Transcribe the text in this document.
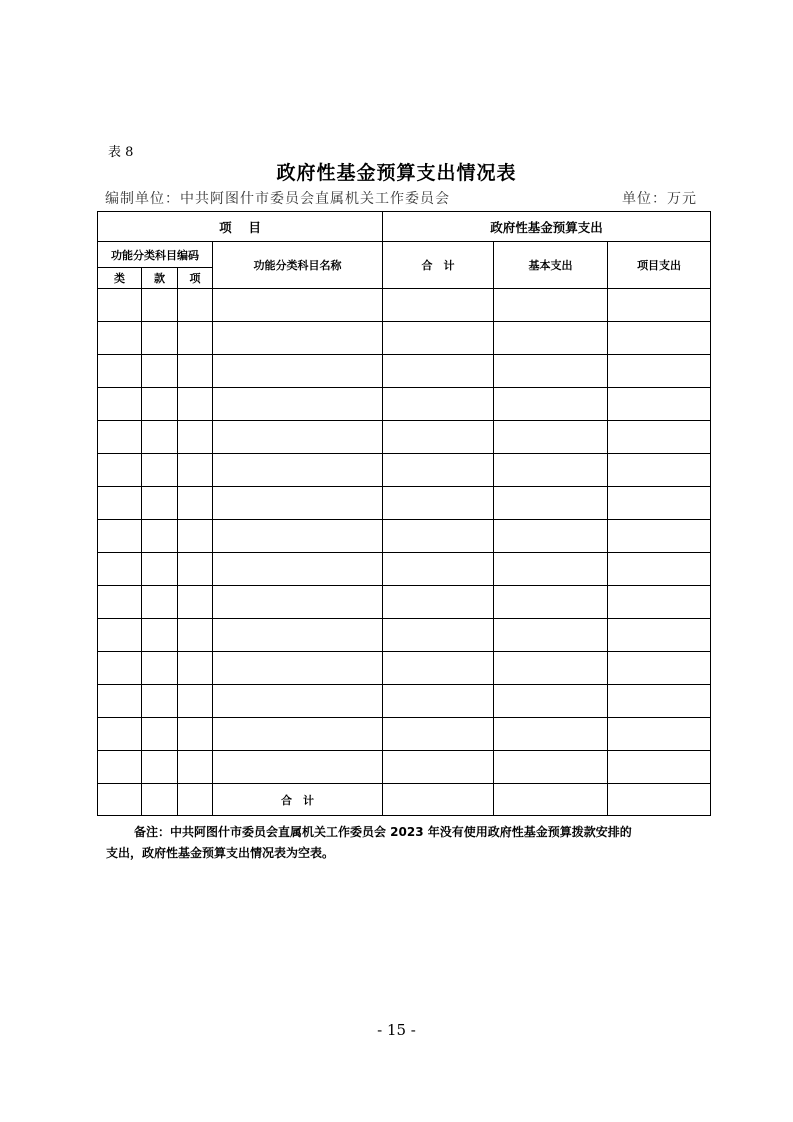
表 8
政府性基金预算支出情况表
编制单位：中共阿图什市委员会直属机关工作委员会	单位：万元
项　 目				政府性基金预算支出		
功能分类科目编码			功能分类科目名称	合　计	基本支出	项目支出
类	款	项				

			合　计			
备注：中共阿图什市委员会直属机关工作委员会 2023 年没有使用政府性基金预算拨款安排的
支出，政府性基金预算支出情况表为空表。
- 15 -
